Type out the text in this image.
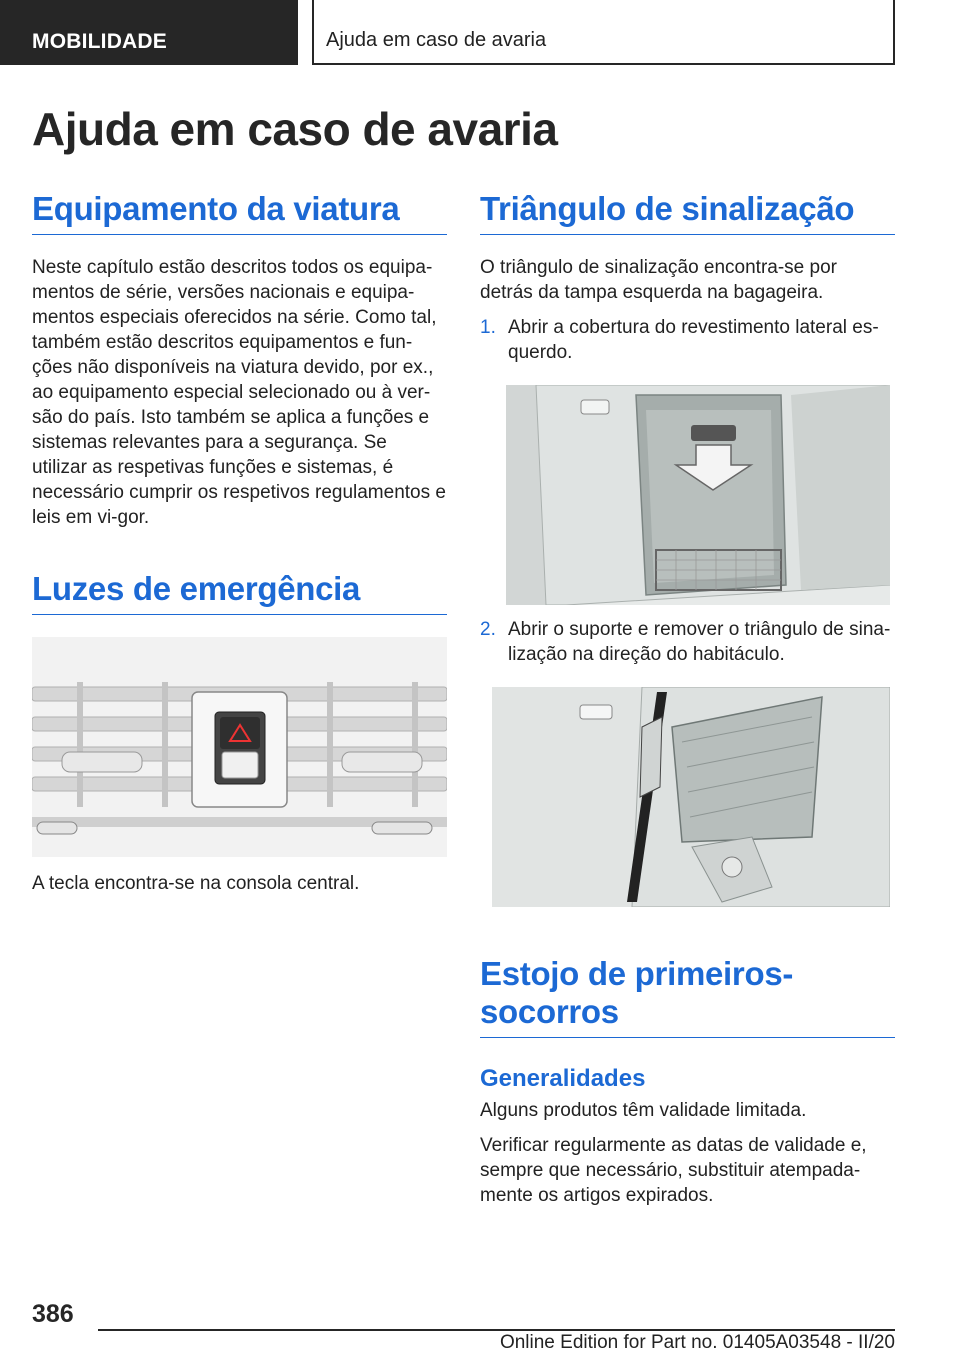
MOBILIDADE	Ajuda em caso de avaria
Ajuda em caso de avaria
Equipamento da viatura

Neste capítulo estão descritos todos os equipa-mentos de série, versões nacionais e equipa-mentos especiais oferecidos na série. Como tal, também estão descritos equipamentos e fun-ções não disponíveis na viatura devido, por ex., ao equipamento especial selecionado ou à ver-são do país. Isto também se aplica a funções e sistemas relevantes para a segurança. Se utilizar as respetivas funções e sistemas, é necessário cumprir os respetivos regulamentos e leis em vi-gor.

Luzes de emergência

A tecla encontra-se na consola central.

Triângulo de sinalização

O triângulo de sinalização encontra-se por detrás da tampa esquerda na bagageira.

1. Abrir a cobertura do revestimento lateral es-querdo.
2. Abrir o suporte e remover o triângulo de sina-lização na direção do habitáculo.
Estojo de primeiros-socorros
Generalidades

Alguns produtos têm validade limitada.

Verificar regularmente as datas de validade e, sempre que necessário, substituir atempada-mente os artigos expirados.

386
Online Edition for Part no. 01405A03548 - II/20
